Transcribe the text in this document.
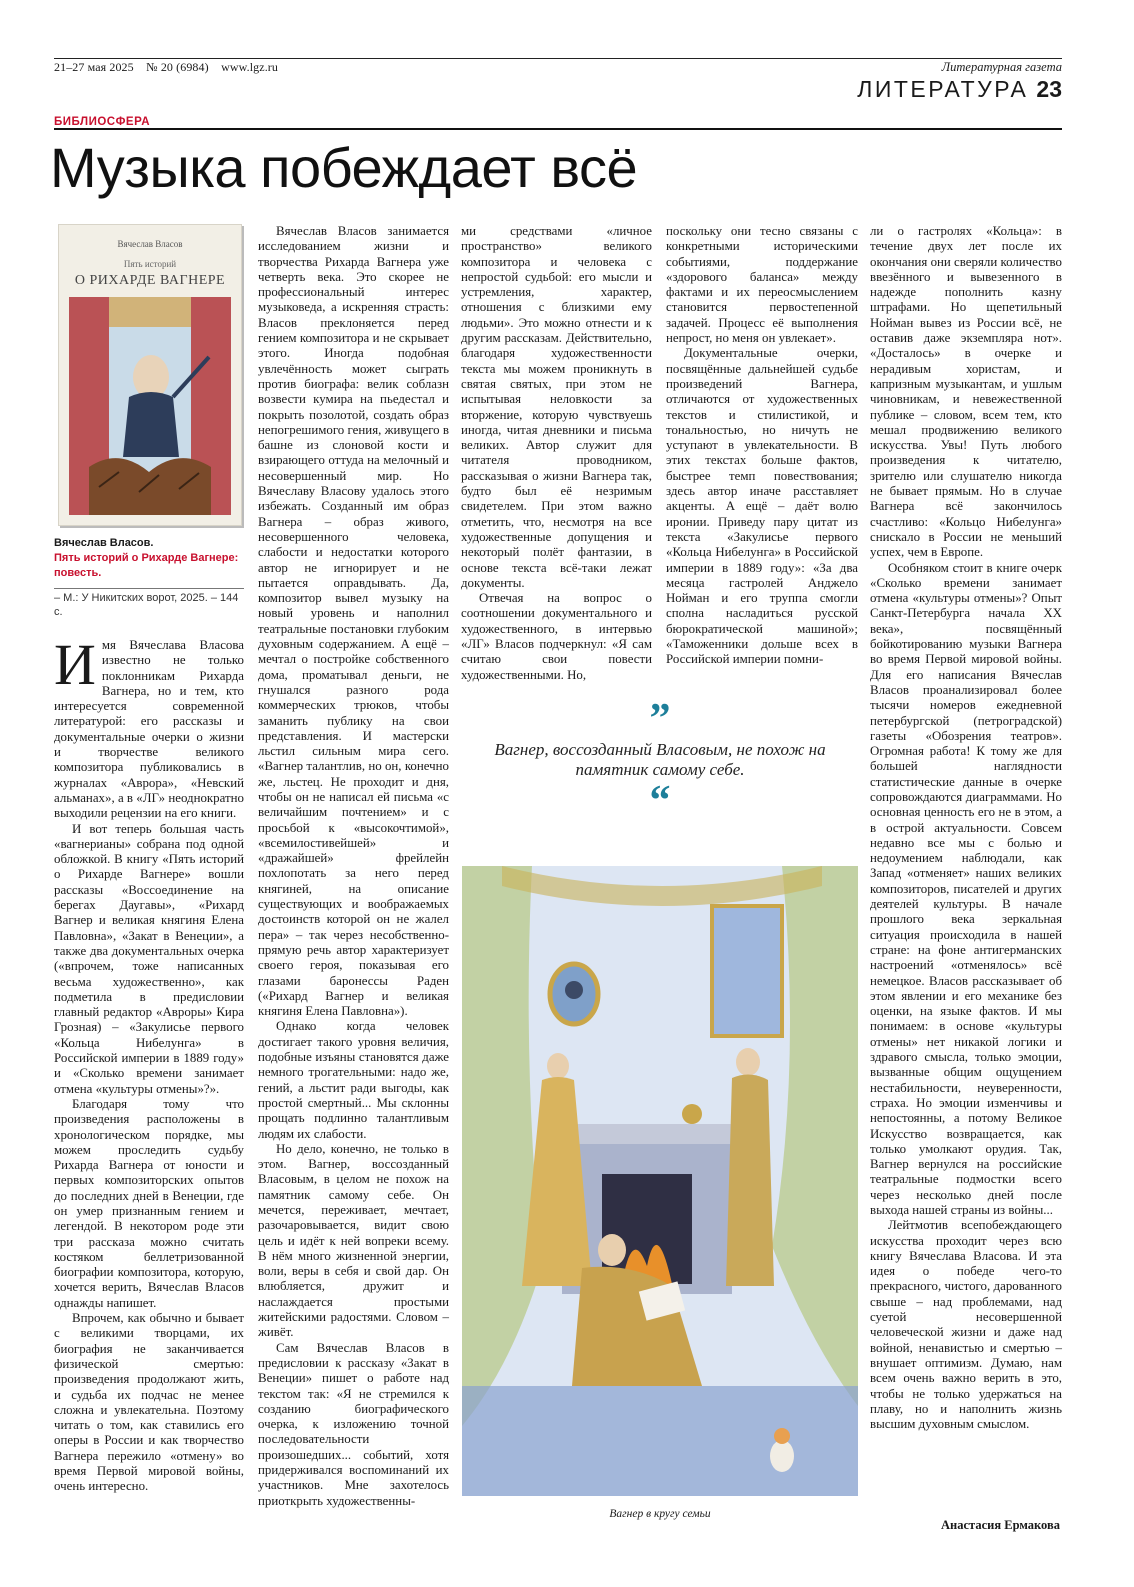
21–27 мая 2025 № 20 (6984) www.lgz.ru	Литературная газета
ЛИТЕРАТУРА 23
БИБЛИОСФЕРА
Музыка побеждает всё
Вячеслав Власов
Пять историй
О РИХАРДЕ ВАГНЕРЕ
Вячеслав Власов.
Пять историй о Рихарде Вагнере: повесть.
– М.: У Никитских ворот, 2025. – 144 с.

Имя Вячеслава Власова известно не только поклонникам Рихарда Вагнера, но и тем, кто интересуется современной литературой: его рассказы и документальные очерки о жизни и творчестве великого композитора публиковались в журналах «Аврора», «Невский альманах», а в «ЛГ» неоднократно выходили рецензии на его книги.

И вот теперь большая часть «вагнерианы» собрана под одной обложкой. В книгу «Пять историй о Рихарде Вагнере» вошли рассказы «Воссоединение на берегах Даугавы», «Рихард Вагнер и великая княгиня Елена Павловна», «Закат в Венеции», а также два документальных очерка («впрочем, тоже написанных весьма художественно», как подметила в предисловии главный редактор «Авроры» Кира Грозная) – «Закулисье первого «Кольца Нибелунга» в Российской империи в 1889 году» и «Сколько времени занимает отмена «культуры отмены»?».

Благодаря тому что произведения расположены в хронологическом порядке, мы можем проследить судьбу Рихарда Вагнера от юности и первых композиторских опытов до последних дней в Венеции, где он умер признанным гением и легендой. В некотором роде эти три рассказа можно считать костяком беллетризованной биографии композитора, которую, хочется верить, Вячеслав Власов однажды напишет.

Впрочем, как обычно и бывает с великими творцами, их биография не заканчивается физической смертью: произведения продолжают жить, и судьба их подчас не менее сложна и увлекательна. Поэтому читать о том, как ставились его оперы в России и как творчество Вагнера пережило «отмену» во время Первой мировой войны, очень интересно.

Вячеслав Власов занимается исследованием жизни и творчества Рихарда Вагнера уже четверть века. Это скорее не профессиональный интерес музыковеда, а искренняя страсть: Власов преклоняется перед гением композитора и не скрывает этого. Иногда подобная увлечённость может сыграть против биографа: велик соблазн возвести кумира на пьедестал и покрыть позолотой, создать образ непогрешимого гения, живущего в башне из слоновой кости и взирающего оттуда на мелочный и несовершенный мир. Но Вячеславу Власову удалось этого избежать. Созданный им образ Вагнера – образ живого, несовершенного человека, слабости и недостатки которого автор не игнорирует и не пытается оправдывать. Да, композитор вывел музыку на новый уровень и наполнил театральные постановки глубоким духовным содержанием. А ещё – мечтал о постройке собственного дома, проматывал деньги, не гнушался разного рода коммерческих трюков, чтобы заманить публику на свои представления. И мастерски льстил сильным мира сего. «Вагнер талантлив, но он, конечно же, льстец. Не проходит и дня, чтобы он не написал ей письма «с величайшим почтением» и с просьбой к «высокочтимой», «всемилостивейшей» и «дражайшей» фрейлейн похлопотать за него перед княгиней, на описание существующих и воображаемых достоинств которой он не жалел пера» – так через несобственно-прямую речь автор характеризует своего героя, показывая его глазами баронессы Раден («Рихард Вагнер и великая княгиня Елена Павловна»).

Однако когда человек достигает такого уровня величия, подобные изъяны становятся даже немного трогательными: надо же, гений, а льстит ради выгоды, как простой смертный... Мы склонны прощать подлинно талантливым людям их слабости.

Но дело, конечно, не только в этом. Вагнер, воссозданный Власовым, в целом не похож на памятник самому себе. Он мечется, переживает, мечтает, разочаровывается, видит свою цель и идёт к ней вопреки всему. В нём много жизненной энергии, воли, веры в себя и свой дар. Он влюбляется, дружит и наслаждается простыми житейскими радостями. Словом – живёт.

Сам Вячеслав Власов в предисловии к рассказу «Закат в Венеции» пишет о работе над текстом так: «Я не стремился к созданию биографического очерка, к изложению точной последовательности произошедших... событий, хотя придерживался воспоминаний их участников. Мне захотелось приоткрыть художественны-

ми средствами «личное пространство» великого композитора и человека с непростой судьбой: его мысли и устремления, характер, отношения с близкими ему людьми». Это можно отнести и к другим рассказам. Действительно, благодаря художественности текста мы можем проникнуть в святая святых, при этом не испытывая неловкости за вторжение, которую чувствуешь иногда, читая дневники и письма великих. Автор служит для читателя проводником, рассказывая о жизни Вагнера так, будто был её незримым свидетелем. При этом важно отметить, что, несмотря на все художественные допущения и некоторый полёт фантазии, в основе текста всё-таки лежат документы.

Отвечая на вопрос о соотношении документального и художественного, в интервью «ЛГ» Власов подчеркнул: «Я сам считаю свои повести художественными. Но,

поскольку они тесно связаны с конкретными историческими событиями, поддержание «здорового баланса» между фактами и их переосмыслением становится первостепенной задачей. Процесс её выполнения непрост, но меня он увлекает».

Документальные очерки, посвящённые дальнейшей судьбе произведений Вагнера, отличаются от художественных текстов и стилистикой, и тональностью, но ничуть не уступают в увлекательности. В этих текстах больше фактов, быстрее темп повествования; здесь автор иначе расставляет акценты. А ещё – даёт волю иронии. Приведу пару цитат из текста «Закулисье первого «Кольца Нибелунга» в Российской империи в 1889 году»: «За два месяца гастролей Анджело Нойман и его труппа смогли сполна насладиться русской бюрократической машиной»; «Таможенники дольше всех в Российской империи помни-

ли о гастролях «Кольца»: в течение двух лет после их окончания они сверяли количество ввезённого и вывезенного в надежде пополнить казну штрафами. Но щепетильный Нойман вывез из России всё, не оставив даже экземпляра нот». «Досталось» в очерке и нерадивым хористам, и капризным музыкантам, и ушлым чиновникам, и невежественной публике – словом, всем тем, кто мешал продвижению великого искусства. Увы! Путь любого произведения к читателю, зрителю или слушателю никогда не бывает прямым. Но в случае Вагнера всё закончилось счастливо: «Кольцо Нибелунга» снискало в России не меньший успех, чем в Европе.

Особняком стоит в книге очерк «Сколько времени занимает отмена «культуры отмены»? Опыт Санкт-Петербурга начала XX века», посвящённый бойкотированию музыки Вагнера во время Первой мировой войны. Для его написания Вячеслав Власов проанализировал более тысячи номеров ежедневной петербургской (петроградской) газеты «Обозрения театров». Огромная работа! К тому же для большей наглядности статистические данные в очерке сопровождаются диаграммами. Но основная ценность его не в этом, а в острой актуальности. Совсем недавно все мы с болью и недоумением наблюдали, как Запад «отменяет» наших великих композиторов, писателей и других деятелей культуры. В начале прошлого века зеркальная ситуация происходила в нашей стране: на фоне антигерманских настроений «отменялось» всё немецкое. Власов рассказывает об этом явлении и его механике без оценки, на языке фактов. И мы понимаем: в основе «культуры отмены» нет никакой логики и здравого смысла, только эмоции, вызванные общим ощущением нестабильности, неуверенности, страха. Но эмоции изменчивы и непостоянны, а потому Великое Искусство возвращается, как только умолкают орудия. Так, Вагнер вернулся на российские театральные подмостки всего через несколько дней после выхода нашей страны из войны...

Лейтмотив всепобеждающего искусства проходит через всю книгу Вячеслава Власова. И эта идея о победе чего-то прекрасного, чистого, дарованного свыше – над проблемами, над суетой несовершенной человеческой жизни и даже над войной, ненавистью и смертью – внушает оптимизм. Думаю, нам всем очень важно верить в это, чтобы не только удержаться на плаву, но и наполнить жизнь высшим духовным смыслом.

”
Вагнер, воссозданный Власовым, не похож на памятник самому себе.
“
Вагнер в кругу семьи
Анастасия Ермакова
